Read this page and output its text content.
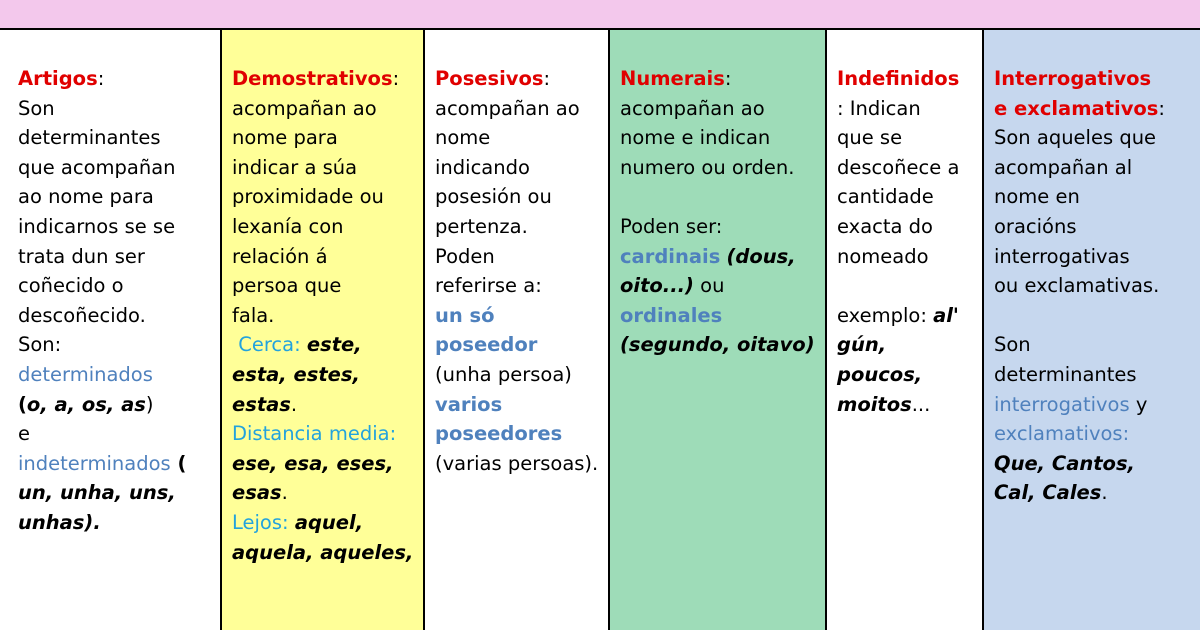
Artigos:

Son

determinantes

que acompañan

ao nome para

indicarnos se se

trata dun ser

coñecido o

descoñecido.

Son:

determinados

(o, a, os, as)

e

indeterminados (

un, unha, uns, unhas).

Demostrativos:

acompañan ao

nome para

indicar a súa

proximidade ou

lexanía con

relación á

persoa que

fala.

Cerca: este, esta, estes, estas.

Distancia media: ese, esa, eses, esas.

Lejos: aquel, aquela, aqueles,

Posesivos:

acompañan ao

nome

indicando

posesión ou

pertenza.

Poden

referirse a:

un só poseedor

(unha persoa)

varios poseedores

(varias persoas).

Numerais:

acompañan ao

nome e indican

numero ou orden.

Poden ser:

cardinais (dous, oito...) ou

ordinales

(segundo, oitavo)

Indefinidos

: Indican

que se

descoñece a

cantidade

exacta do

nomeado

exemplo: al'

gún,

poucos,

moitos...

Interrogativos

e exclamativos:

Son aqueles que

acompañan al

nome en

oracións

interrogativas

ou exclamativas.

Son

determinantes

interrogativos y

exclamativos:

Que, Cantos,

Cal, Cales.
